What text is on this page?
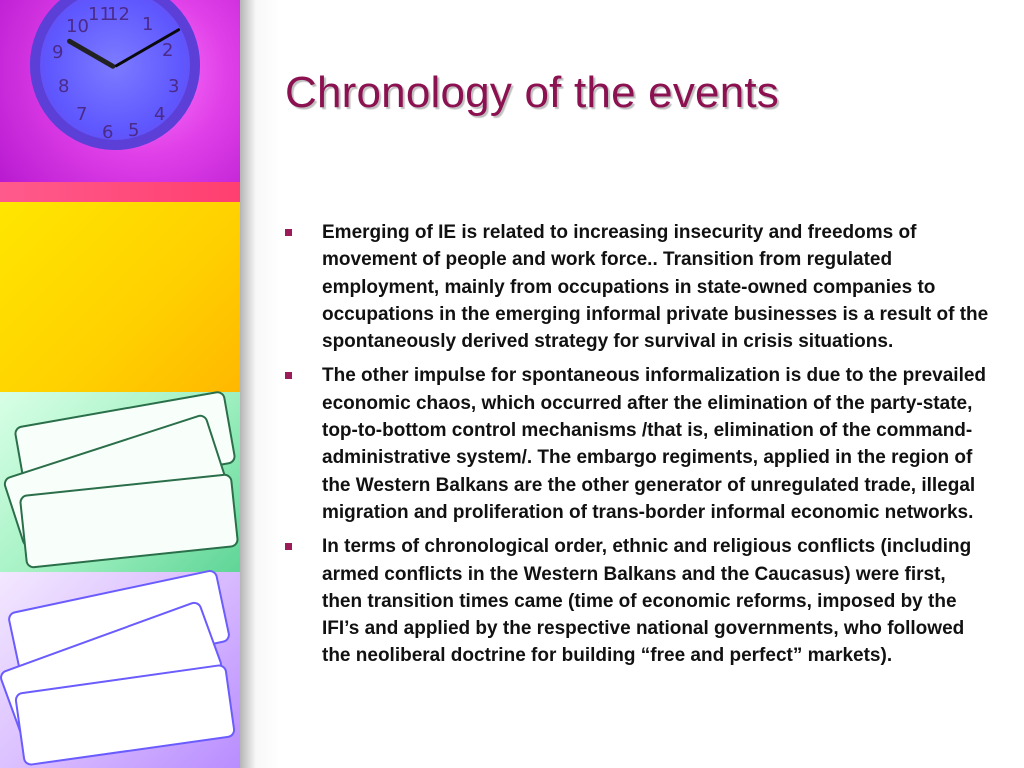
12 1
2
3
4
5
6
7
8
9
10
11
Chronology of the events
Emerging of IE is related to increasing insecurity and freedoms of movement of people and work force.. Transition from regulated employment, mainly from occupations in state-owned companies to occupations in the emerging informal private businesses is a result of the spontaneously derived strategy for survival in crisis situations.
The other impulse for spontaneous informalization is due to the prevailed economic chaos, which occurred after the elimination of the party-state, top-to-bottom control mechanisms /that is, elimination of the command-administrative system/. The embargo regiments, applied in the region of the Western Balkans are the other generator of unregulated trade, illegal migration and proliferation of trans-border informal economic networks.
In terms of chronological order, ethnic and religious conflicts (including armed conflicts in the Western Balkans and the Caucasus) were first, then transition times came (time of economic reforms, imposed by the IFI’s and applied by the respective national governments, who followed the neoliberal doctrine for building “free and perfect” markets).
